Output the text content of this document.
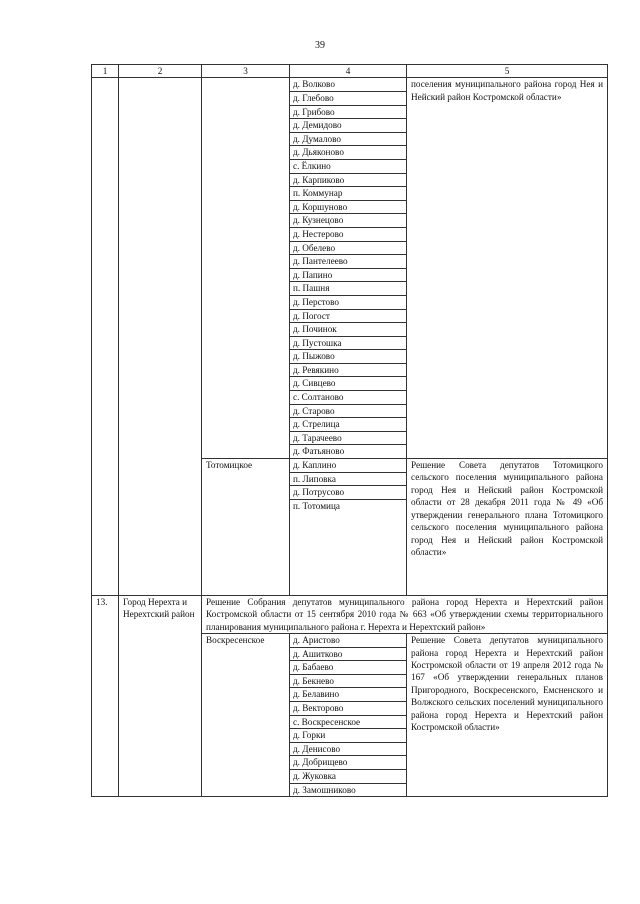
39
1	2	3	4	5
			д. Волково	поселения муниципального района город Нея и Нейский район Костромской области»
			д. Глебово	
			д. Грибово	
			д. Демидово	
			д. Думалово	
			д. Дьяконово	
			с. Ёлкино	
			д. Карпиково	
			п. Коммунар	
			д. Коршуново	
			д. Кузнецово	
			д. Нестерово	
			д. Обелево	
			д. Пантелеево	
			д. Папино	
			п. Пашня	
			д. Перстово	
			д. Погост	
			д. Починок	
			д. Пустошка	
			д. Пыжово	
			д. Ревякино	
			д. Сивцево	
			с. Солтаново	
			д. Старово	
			д. Стрелица	
			д. Тарачеево	
			д. Фатьяново	
		Тотомицкое	д. Каплино	Решение Совета депутатов Тотомицкого сельского поселения муниципального района город Нея и Нейский район Костромской области от 28 декабря 2011 года № 49 «Об утверждении генерального плана Тотомицкого сельского поселения муниципального района город Нея и Нейский район Костромской области»
			п. Липовка	
			д. Потрусово	
			п. Тотомица	
13.	Город Нерехта и Нерехтский район	Решение Собрания депутатов муниципального района город Нерехта и Нерехтский район Костромской области от 15 сентября 2010 года № 663 «Об утверждении схемы территориального планирования муниципального района г. Нерехта и Нерехтский район»		
		Воскресенское	д. Аристово	Решение Совета депутатов муниципального района город Нерехта и Нерехтский район Костромской области от 19 апреля 2012 года № 167 «Об утверждении генеральных планов Пригородного, Воскресенского, Емсненского и Волжского сельских поселений муниципального района город Нерехта и Нерехтский район Костромской области»
			д. Ашитково	
			д. Бабаево	
			д. Бекнево	
			д. Белавино	
			д. Векторово	
			с. Воскресенское	
			д. Горки	
			д. Денисово	
			д. Добрищево	
			д. Жуковка	
			д. Замошниково	
